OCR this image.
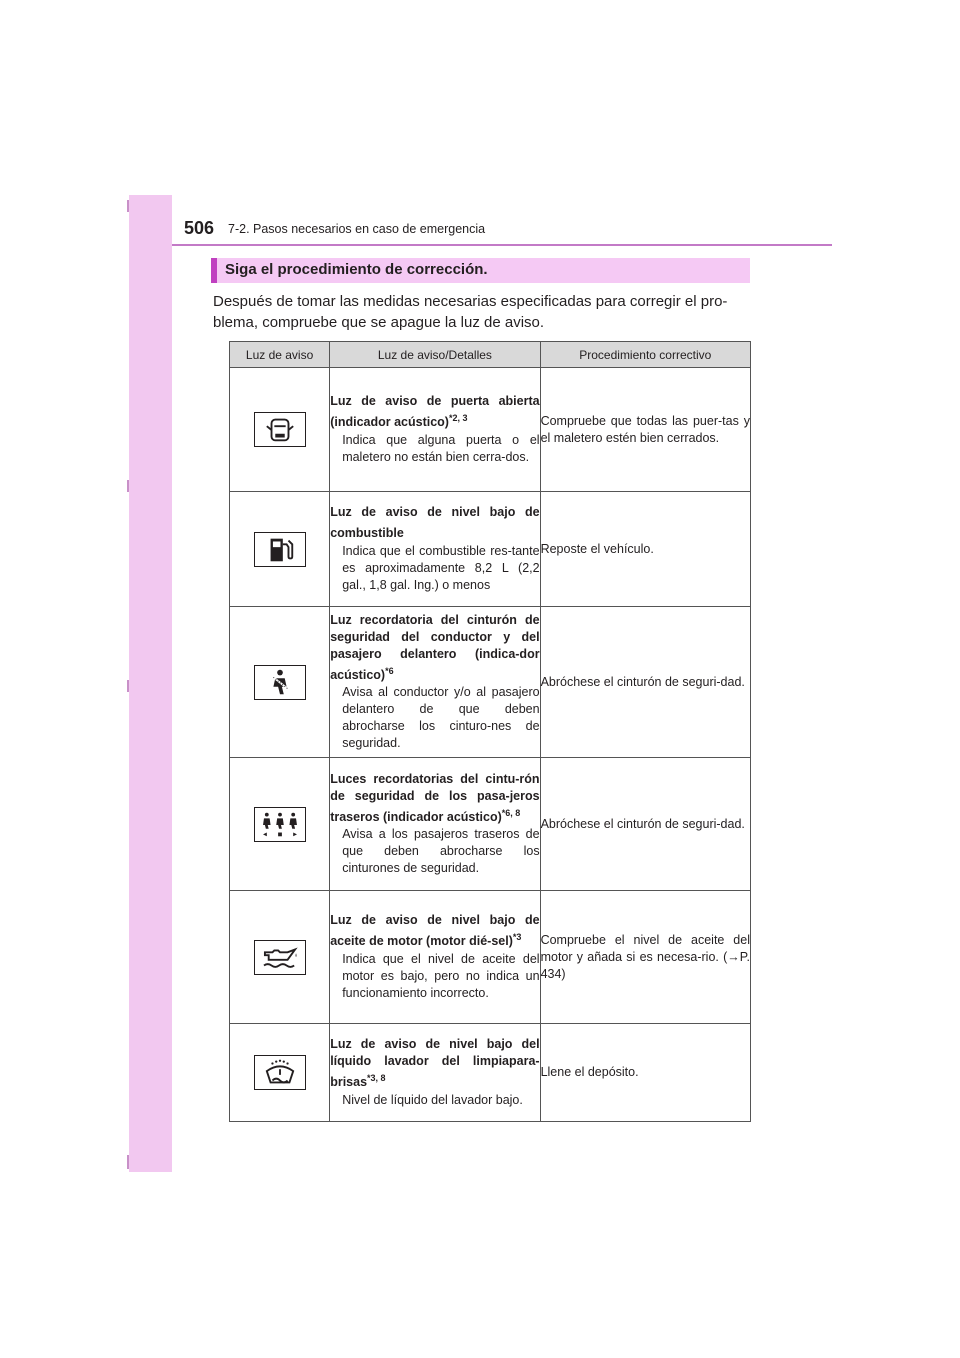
506 7-2. Pasos necesarios en caso de emergencia
Siga el procedimiento de corrección.
Después de tomar las medidas necesarias especificadas para corregir el pro-blema, compruebe que se apague la luz de aviso.
Luz de aviso	Luz de aviso/Detalles	Procedimiento correctivo

Luz de aviso de puerta abierta (indicador acústico)$^{*2, 3}$
Indica que alguna puerta o el maletero no están bien cerra-dos.	Compruebe que todas las puer-tas y el maletero estén bien cerrados.

Luz de aviso de nivel bajo de combustible
Indica que el combustible res-tante es aproximadamente 8,2 L (2,2 gal., 1,8 gal. Ing.) o menos	Reposte el vehículo.

Luz recordatoria del cinturón de seguridad del conductor y del pasajero delantero (indica-dor acústico)$^{*6}$
Avisa al conductor y/o al pasajero delantero de que deben abrocharse los cinturo-nes de seguridad.	Abróchese el cinturón de seguri-dad.

Luces recordatorias del cintu-rón de seguridad de los pasa-jeros traseros (indicador acústico)$^{*6, 8}$
Avisa a los pasajeros traseros de que deben abrocharse los cinturones de seguridad.	Abróchese el cinturón de seguri-dad.

Luz de aviso de nivel bajo de aceite de motor (motor dié-sel)$^{*3}$
Indica que el nivel de aceite del motor es bajo, pero no indica un funcionamiento incorrecto.	Compruebe el nivel de aceite del motor y añada si es necesa-rio. (→P. 434)

Luz de aviso de nivel bajo del líquido lavador del limpiapara-brisas$^{*3, 8}$
Nivel de líquido del lavador bajo.	Llene el depósito.
